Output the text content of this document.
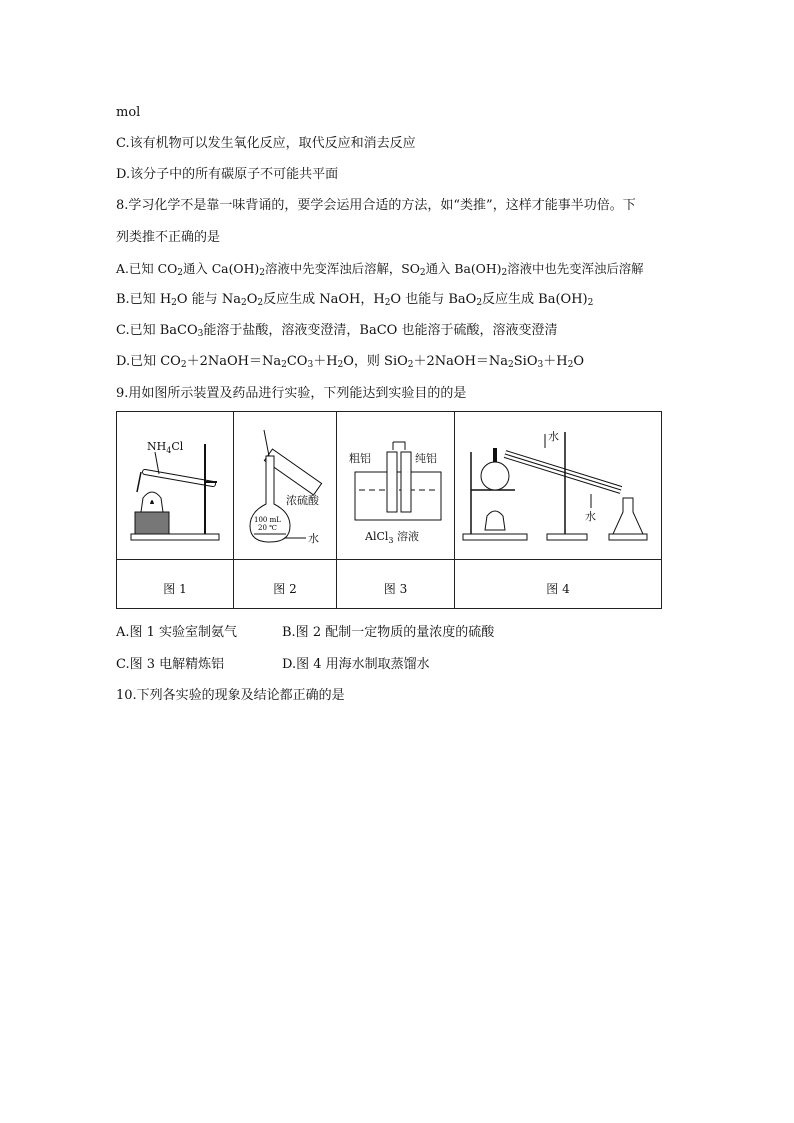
mol
C.该有机物可以发生氧化反应，取代反应和消去反应
D.该分子中的所有碳原子不可能共平面
8.学习化学不是靠一味背诵的，要学会运用合适的方法，如“类推”，这样才能事半功倍。下
列类推不正确的是
A.已知 $CO_2$通入 $Ca(OH)_2$溶液中先变浑浊后溶解，$SO_2$通入 $Ba(OH)_2$溶液中也先变浑浊后溶解
B.已知 $H_2O$ 能与 $Na_2O_2$反应生成 NaOH，$H_2O$ 也能与 BaO$_2$反应生成 $Ba(OH)_2$
C.已知 BaCO$_3$能溶于盐酸，溶液变澄清，BaCO 也能溶于硫酸，溶液变澄清
D.已知 $CO_2+2NaOH=Na_2CO_3+H_2O$，则 $SiO_2+2NaOH=Na_2SiO_3+H_2O$
9.用如图所示装置及药品进行实验，下列能达到实验目的的是
图 1	图 2	图 3	图 4
$NH_4Cl$
浓硫酸
100 mL
20 ℃
水
粗铝	纯铝
AlCl$_3$ 溶液
水
水
A.图 1 实验室制氨气	B.图 2 配制一定物质的量浓度的硫酸
C.图 3 电解精炼铝	D.图 4 用海水制取蒸馏水
10.下列各实验的现象及结论都正确的是
